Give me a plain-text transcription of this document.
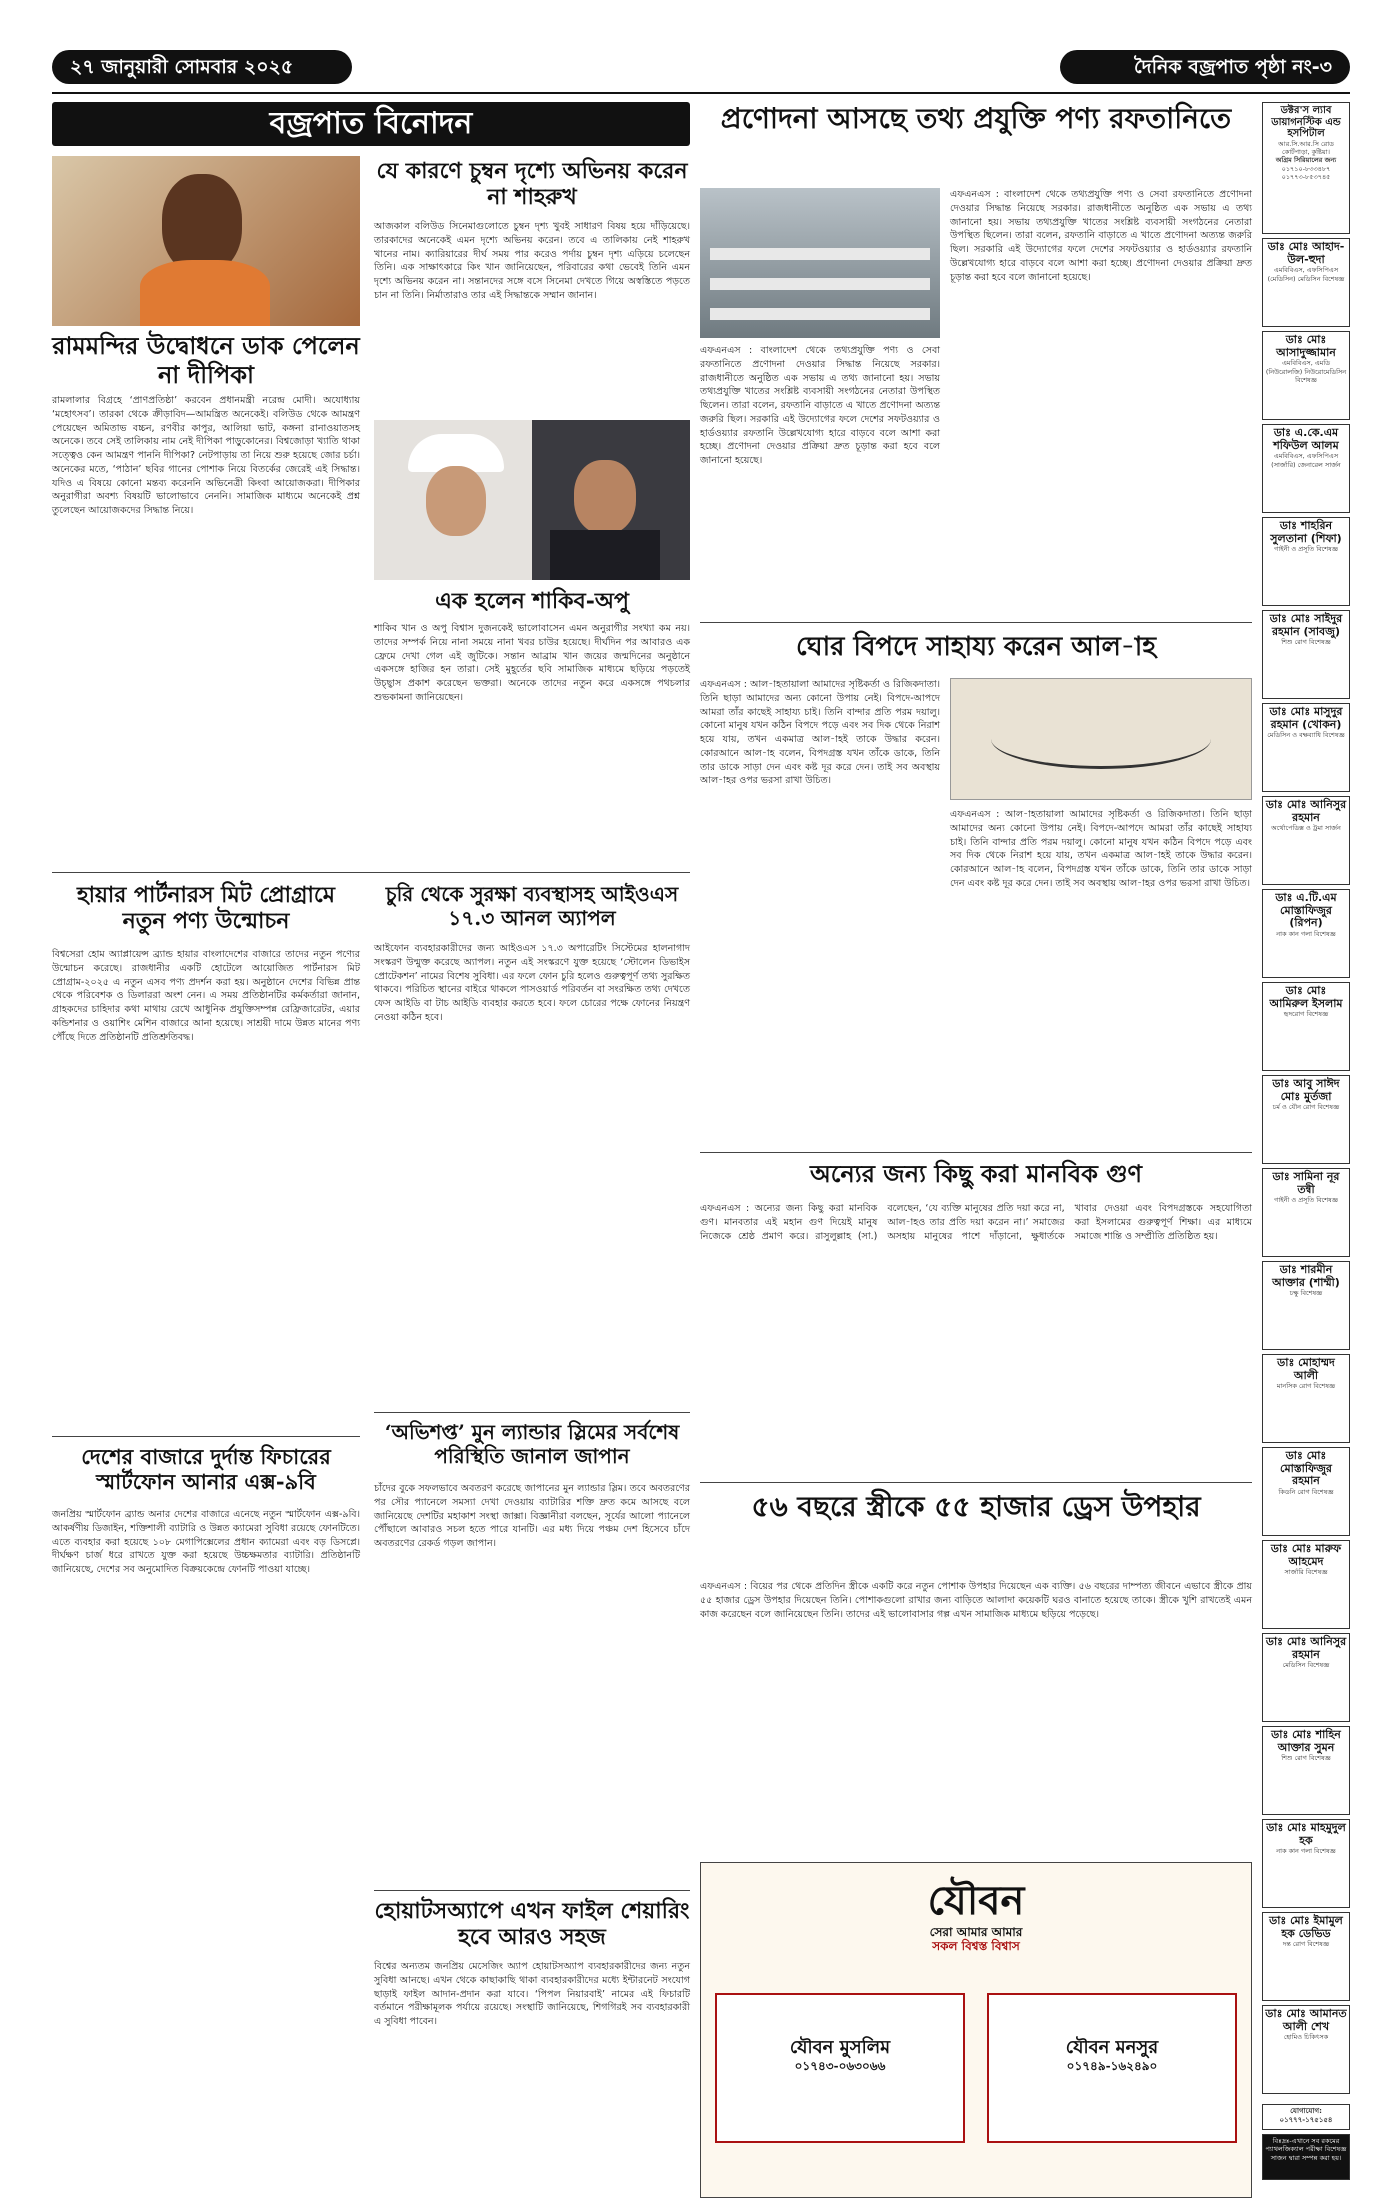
২৭ জানুয়ারী সোমবার ২০২৫	দৈনিক বজ্রপাত পৃষ্ঠা নং-৩
বজ্রপাত বিনোদন
রামমন্দির উদ্বোধনে ডাক পেলেন না দীপিকা
রামলালার বিগ্রহে ‘প্রাণপ্রতিষ্ঠা’ করবেন প্রধানমন্ত্রী নরেন্দ্র মোদী। অযোধ্যায় ‘মহোৎসব’। তারকা থেকে ক্রীড়াবিদ—আমন্ত্রিত অনেকেই। বলিউড থেকে আমন্ত্রণ পেয়েছেন অমিতাভ বচ্চন, রণবীর কাপুর, আলিয়া ভাট, কঙ্গনা রানাওয়াতসহ অনেকে। তবে সেই তালিকায় নাম নেই দীপিকা পাড়ুকোনের। বিশ্বজোড়া খ্যাতি থাকা সত্ত্বেও কেন আমন্ত্রণ পাননি দীপিকা? নেটপাড়ায় তা নিয়ে শুরু হয়েছে জোর চর্চা। অনেকের মতে, ‘পাঠান’ ছবির গানের পোশাক নিয়ে বিতর্কের জেরেই এই সিদ্ধান্ত। যদিও এ বিষয়ে কোনো মন্তব্য করেননি অভিনেত্রী কিংবা আয়োজকরা। দীপিকার অনুরাগীরা অবশ্য বিষয়টি ভালোভাবে নেননি। সামাজিক মাধ্যমে অনেকেই প্রশ্ন তুলেছেন আয়োজকদের সিদ্ধান্ত নিয়ে।
যে কারণে চুম্বন দৃশ্যে অভিনয় করেন না শাহরুখ
আজকাল বলিউড সিনেমাগুলোতে চুম্বন দৃশ্য খুবই সাধারণ বিষয় হয়ে দাঁড়িয়েছে। তারকাদের অনেকেই এমন দৃশ্যে অভিনয় করেন। তবে এ তালিকায় নেই শাহরুখ খানের নাম। ক্যারিয়ারের দীর্ঘ সময় পার করেও পর্দায় চুম্বন দৃশ্য এড়িয়ে চলেছেন তিনি। এক সাক্ষাৎকারে কিং খান জানিয়েছেন, পরিবারের কথা ভেবেই তিনি এমন দৃশ্যে অভিনয় করেন না। সন্তানদের সঙ্গে বসে সিনেমা দেখতে গিয়ে অস্বস্তিতে পড়তে চান না তিনি। নির্মাতারাও তার এই সিদ্ধান্তকে সম্মান জানান।
এক হলেন শাকিব-অপু
শাকিব খান ও অপু বিশ্বাস দুজনকেই ভালোবাসেন এমন অনুরাগীর সংখ্যা কম নয়। তাদের সম্পর্ক নিয়ে নানা সময়ে নানা খবর চাউর হয়েছে। দীর্ঘদিন পর আবারও এক ফ্রেমে দেখা গেল এই জুটিকে। সন্তান আব্রাম খান জয়ের জন্মদিনের অনুষ্ঠানে একসঙ্গে হাজির হন তারা। সেই মুহূর্তের ছবি সামাজিক মাধ্যমে ছড়িয়ে পড়তেই উচ্ছ্বাস প্রকাশ করেছেন ভক্তরা। অনেকে তাদের নতুন করে একসঙ্গে পথচলার শুভকামনা জানিয়েছেন।
হায়ার পার্টনারস মিট প্রোগ্রামে নতুন পণ্য উন্মোচন
বিশ্বসেরা হোম অ্যাপ্লায়েন্স ব্র্যান্ড হায়ার বাংলাদেশের বাজারে তাদের নতুন পণ্যের উন্মোচন করেছে। রাজধানীর একটি হোটেলে আয়োজিত পার্টনারস মিট প্রোগ্রাম-২০২৫ এ নতুন এসব পণ্য প্রদর্শন করা হয়। অনুষ্ঠানে দেশের বিভিন্ন প্রান্ত থেকে পরিবেশক ও ডিলাররা অংশ নেন। এ সময় প্রতিষ্ঠানটির কর্মকর্তারা জানান, গ্রাহকদের চাহিদার কথা মাথায় রেখে আধুনিক প্রযুক্তিসম্পন্ন রেফ্রিজারেটর, এয়ার কন্ডিশনার ও ওয়াশিং মেশিন বাজারে আনা হয়েছে। সাশ্রয়ী দামে উন্নত মানের পণ্য পৌঁছে দিতে প্রতিষ্ঠানটি প্রতিশ্রুতিবদ্ধ।
চুরি থেকে সুরক্ষা ব্যবস্থাসহ আইওএস ১৭.৩ আনল অ্যাপল
আইফোন ব্যবহারকারীদের জন্য আইওএস ১৭.৩ অপারেটিং সিস্টেমের হালনাগাদ সংস্করণ উন্মুক্ত করেছে অ্যাপল। নতুন এই সংস্করণে যুক্ত হয়েছে ‘স্টোলেন ডিভাইস প্রোটেকশন’ নামের বিশেষ সুবিধা। এর ফলে ফোন চুরি হলেও গুরুত্বপূর্ণ তথ্য সুরক্ষিত থাকবে। পরিচিত স্থানের বাইরে থাকলে পাসওয়ার্ড পরিবর্তন বা সংরক্ষিত তথ্য দেখতে ফেস আইডি বা টাচ আইডি ব্যবহার করতে হবে। ফলে চোরের পক্ষে ফোনের নিয়ন্ত্রণ নেওয়া কঠিন হবে।
দেশের বাজারে দুর্দান্ত ফিচারের স্মার্টফোন আনার এক্স-৯বি
জনপ্রিয় স্মার্টফোন ব্র্যান্ড অনার দেশের বাজারে এনেছে নতুন স্মার্টফোন এক্স-৯বি। আকর্ষণীয় ডিজাইন, শক্তিশালী ব্যাটারি ও উন্নত ক্যামেরা সুবিধা রয়েছে ফোনটিতে। এতে ব্যবহার করা হয়েছে ১০৮ মেগাপিক্সেলের প্রধান ক্যামেরা এবং বড় ডিসপ্লে। দীর্ঘক্ষণ চার্জ ধরে রাখতে যুক্ত করা হয়েছে উচ্চক্ষমতার ব্যাটারি। প্রতিষ্ঠানটি জানিয়েছে, দেশের সব অনুমোদিত বিক্রয়কেন্দ্রে ফোনটি পাওয়া যাচ্ছে।
‘অভিশপ্ত’ মুন ল্যান্ডার স্লিমের সর্বশেষ পরিস্থিতি জানাল জাপান
চাঁদের বুকে সফলভাবে অবতরণ করেছে জাপানের মুন ল্যান্ডার স্লিম। তবে অবতরণের পর সৌর প্যানেলে সমস্যা দেখা দেওয়ায় ব্যাটারির শক্তি দ্রুত কমে আসছে বলে জানিয়েছে দেশটির মহাকাশ সংস্থা জাক্সা। বিজ্ঞানীরা বলছেন, সূর্যের আলো প্যানেলে পৌঁছালে আবারও সচল হতে পারে যানটি। এর মধ্য দিয়ে পঞ্চম দেশ হিসেবে চাঁদে অবতরণের রেকর্ড গড়ল জাপান।
হোয়াটসঅ্যাপে এখন ফাইল শেয়ারিং হবে আরও সহজ
বিশ্বের অন্যতম জনপ্রিয় মেসেজিং অ্যাপ হোয়াটসঅ্যাপ ব্যবহারকারীদের জন্য নতুন সুবিধা আনছে। এখন থেকে কাছাকাছি থাকা ব্যবহারকারীদের মধ্যে ইন্টারনেট সংযোগ ছাড়াই ফাইল আদান-প্রদান করা যাবে। ‘পিপল নিয়ারবাই’ নামের এই ফিচারটি বর্তমানে পরীক্ষামূলক পর্যায়ে রয়েছে। সংস্থাটি জানিয়েছে, শিগগিরই সব ব্যবহারকারী এ সুবিধা পাবেন।
প্রণোদনা আসছে তথ্য প্রযুক্তি পণ্য রফতানিতে
এফএনএস : বাংলাদেশ থেকে তথ্যপ্রযুক্তি পণ্য ও সেবা রফতানিতে প্রণোদনা দেওয়ার সিদ্ধান্ত নিয়েছে সরকার। রাজধানীতে অনুষ্ঠিত এক সভায় এ তথ্য জানানো হয়। সভায় তথ্যপ্রযুক্তি খাতের সংশ্লিষ্ট ব্যবসায়ী সংগঠনের নেতারা উপস্থিত ছিলেন। তারা বলেন, রফতানি বাড়াতে এ খাতে প্রণোদনা অত্যন্ত জরুরি ছিল। সরকারি এই উদ্যোগের ফলে দেশের সফটওয়্যার ও হার্ডওয়্যার রফতানি উল্লেখযোগ্য হারে বাড়বে বলে আশা করা হচ্ছে। প্রণোদনা দেওয়ার প্রক্রিয়া দ্রুত চূড়ান্ত করা হবে বলে জানানো হয়েছে।
এফএনএস : বাংলাদেশ থেকে তথ্যপ্রযুক্তি পণ্য ও সেবা রফতানিতে প্রণোদনা দেওয়ার সিদ্ধান্ত নিয়েছে সরকার। রাজধানীতে অনুষ্ঠিত এক সভায় এ তথ্য জানানো হয়। সভায় তথ্যপ্রযুক্তি খাতের সংশ্লিষ্ট ব্যবসায়ী সংগঠনের নেতারা উপস্থিত ছিলেন। তারা বলেন, রফতানি বাড়াতে এ খাতে প্রণোদনা অত্যন্ত জরুরি ছিল। সরকারি এই উদ্যোগের ফলে দেশের সফটওয়্যার ও হার্ডওয়্যার রফতানি উল্লেখযোগ্য হারে বাড়বে বলে আশা করা হচ্ছে। প্রণোদনা দেওয়ার প্রক্রিয়া দ্রুত চূড়ান্ত করা হবে বলে জানানো হয়েছে।
ঘোর বিপদে সাহায্য করেন আল-াহ
এফএনএস : আল-াহতায়ালা আমাদের সৃষ্টিকর্তা ও রিজিকদাতা। তিনি ছাড়া আমাদের অন্য কোনো উপায় নেই। বিপদে-আপদে আমরা তাঁর কাছেই সাহায্য চাই। তিনি বান্দার প্রতি পরম দয়ালু। কোনো মানুষ যখন কঠিন বিপদে পড়ে এবং সব দিক থেকে নিরাশ হয়ে যায়, তখন একমাত্র আল-াহই তাকে উদ্ধার করেন। কোরআনে আল-াহ বলেন, বিপদগ্রস্ত যখন তাঁকে ডাকে, তিনি তার ডাকে সাড়া দেন এবং কষ্ট দূর করে দেন। তাই সব অবস্থায় আল-াহর ওপর ভরসা রাখা উচিত।
এফএনএস : আল-াহতায়ালা আমাদের সৃষ্টিকর্তা ও রিজিকদাতা। তিনি ছাড়া আমাদের অন্য কোনো উপায় নেই। বিপদে-আপদে আমরা তাঁর কাছেই সাহায্য চাই। তিনি বান্দার প্রতি পরম দয়ালু। কোনো মানুষ যখন কঠিন বিপদে পড়ে এবং সব দিক থেকে নিরাশ হয়ে যায়, তখন একমাত্র আল-াহই তাকে উদ্ধার করেন। কোরআনে আল-াহ বলেন, বিপদগ্রস্ত যখন তাঁকে ডাকে, তিনি তার ডাকে সাড়া দেন এবং কষ্ট দূর করে দেন। তাই সব অবস্থায় আল-াহর ওপর ভরসা রাখা উচিত।
অন্যের জন্য কিছু করা মানবিক গুণ
এফএনএস : অন্যের জন্য কিছু করা মানবিক গুণ। মানবতার এই মহান গুণ দিয়েই মানুষ নিজেকে শ্রেষ্ঠ প্রমাণ করে। রাসুলুল্লাহ (সা.) বলেছেন, ‘যে ব্যক্তি মানুষের প্রতি দয়া করে না, আল-াহও তার প্রতি দয়া করেন না।’ সমাজের অসহায় মানুষের পাশে দাঁড়ানো, ক্ষুধার্তকে খাবার দেওয়া এবং বিপদগ্রস্তকে সহযোগিতা করা ইসলামের গুরুত্বপূর্ণ শিক্ষা। এর মাধ্যমে সমাজে শান্তি ও সম্প্রীতি প্রতিষ্ঠিত হয়।
৫৬ বছরে স্ত্রীকে ৫৫ হাজার ড্রেস উপহার
এফএনএস : বিয়ের পর থেকে প্রতিদিন স্ত্রীকে একটি করে নতুন পোশাক উপহার দিয়েছেন এক ব্যক্তি। ৫৬ বছরের দাম্পত্য জীবনে এভাবে স্ত্রীকে প্রায় ৫৫ হাজার ড্রেস উপহার দিয়েছেন তিনি। পোশাকগুলো রাখার জন্য বাড়িতে আলাদা কয়েকটি ঘরও বানাতে হয়েছে তাকে। স্ত্রীকে খুশি রাখতেই এমন কাজ করেছেন বলে জানিয়েছেন তিনি। তাদের এই ভালোবাসার গল্প এখন সামাজিক মাধ্যমে ছড়িয়ে পড়েছে।
যৌবন
সেরা আমার আমার
সকল বিশ্বস্ত বিশ্বাস
যৌবন মুসলিম
০১৭৪৩-০৬৩০৬৬
যৌবন মনসুর
০১৭৪৯-১৬২৪৯০
ডক্টর'স ল্যাব ডায়াগনস্টিক এন্ড হসপিটাল
আর.সি.আর.সি রোড কোর্টপাড়া, কুষ্টিয়া।
অগ্রিম সিরিয়ালের জন্য
০১৭১০-৮৩৩৪৮৭ ০১৭৭৩-৮৫৩৭৪৫
ডাঃ মোঃ আহাদ-উল-হুদা
এমবিবিএস, এফসিপিএস (মেডিসিন) মেডিসিন বিশেষজ্ঞ
ডাঃ মোঃ আসাদুজ্জামান
এমবিবিএস, এমডি (নিউরোলজি) নিউরোমেডিসিন বিশেষজ্ঞ
ডাঃ এ.কে.এম শফিউল আলম
এমবিবিএস, এফসিপিএস (সার্জারি) জেনারেল সার্জন
ডাঃ শাহরিন সুলতানা (শিফা)
গাইনী ও প্রসূতি বিশেষজ্ঞ
ডাঃ মোঃ সাইদুর রহমান (সাবজু)
শিশু রোগ বিশেষজ্ঞ
ডাঃ মোঃ মাসুদুর রহমান (খোকন)
মেডিসিন ও বক্ষব্যাধি বিশেষজ্ঞ
ডাঃ মোঃ আনিসুর রহমান
অর্থোপেডিক্স ও ট্রমা সার্জন
ডাঃ এ.টি.এম মোস্তাফিজুর (রিপন)
নাক কান গলা বিশেষজ্ঞ
ডাঃ মোঃ আমিরুল ইসলাম
হৃদরোগ বিশেষজ্ঞ
ডাঃ আবু সাঈদ মোঃ মুর্তজা
চর্ম ও যৌন রোগ বিশেষজ্ঞ
ডাঃ সামিনা নূর তন্বী
গাইনী ও প্রসূতি বিশেষজ্ঞ
ডাঃ শারমীন আক্তার (শাম্মী)
চক্ষু বিশেষজ্ঞ
ডাঃ মোহাম্মদ আলী
মানসিক রোগ বিশেষজ্ঞ
ডাঃ মোঃ মোস্তাফিজুর রহমান
কিডনি রোগ বিশেষজ্ঞ
ডাঃ মোঃ মারুফ আহমেদ
সার্জারি বিশেষজ্ঞ
ডাঃ মোঃ আনিসুর রহমান
মেডিসিন বিশেষজ্ঞ
ডাঃ মোঃ শাহিন আক্তার সুমন
শিশু রোগ বিশেষজ্ঞ
ডাঃ মোঃ মাহমুদুল হক
নাক কান গলা বিশেষজ্ঞ
ডাঃ মোঃ ইমামুল হক ডেভিড
দন্ত রোগ বিশেষজ্ঞ
ডাঃ মোঃ আমানত আলী শেখ
হোমিও চিকিৎসক
যোগাযোগ: ০১৭৭৭-১৭৫১৫৪
বিঃদ্রঃ-এখানে সব রকমের প্যাথলজিক্যাল পরীক্ষা বিশেষজ্ঞ সাজন দ্বারা সম্পন্ন করা হয়।
